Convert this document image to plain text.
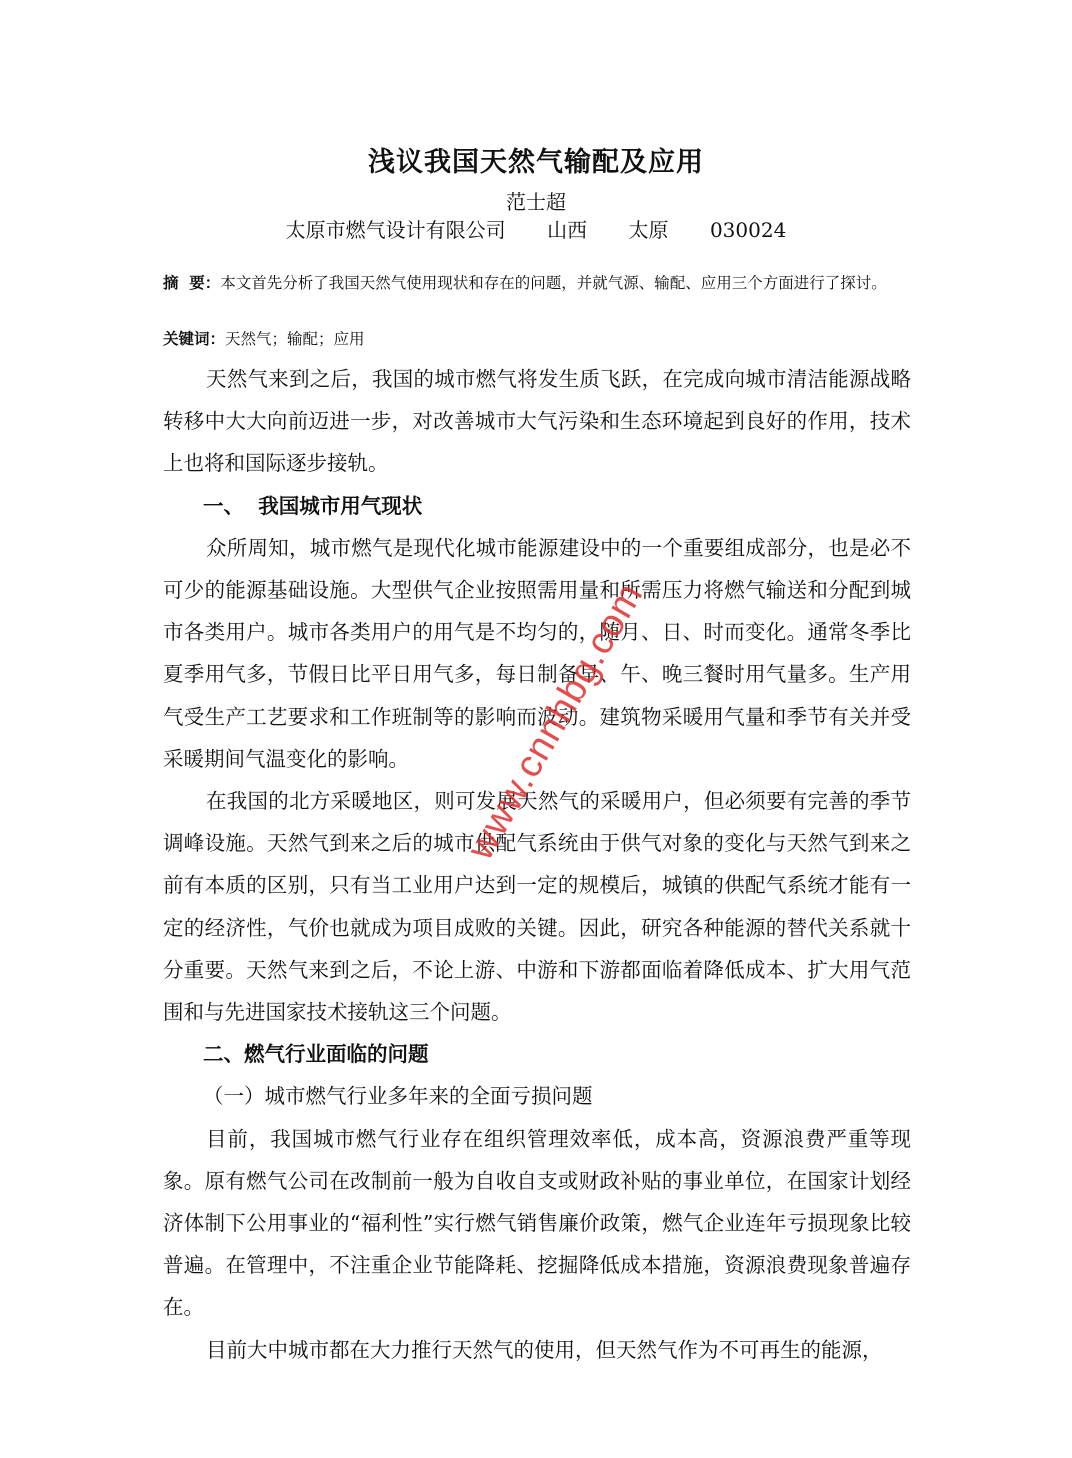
浅议我国天然气输配及应用
范士超
太原市燃气设计有限公司    山西    太原    030024
摘  要：本文首先分析了我国天然气使用现状和存在的问题，并就气源、输配、应用三个方面进行了探讨。
关键词：天然气；输配；应用

天然气来到之后，我国的城市燃气将发生质飞跃，在完成向城市清洁能源战略转移中大大向前迈进一步，对改善城市大气污染和生态环境起到良好的作用，技术上也将和国际逐步接轨。

一、  我国城市用气现状

众所周知，城市燃气是现代化城市能源建设中的一个重要组成部分，也是必不可少的能源基础设施。大型供气企业按照需用量和所需压力将燃气输送和分配到城市各类用户。城市各类用户的用气是不均匀的，随月、日、时而变化。通常冬季比夏季用气多，节假日比平日用气多，每日制备早、午、晚三餐时用气量多。生产用气受生产工艺要求和工作班制等的影响而波动。建筑物采暖用气量和季节有关并受采暖期间气温变化的影响。

在我国的北方采暖地区，则可发展天然气的采暖用户，但必须要有完善的季节调峰设施。天然气到来之后的城市供配气系统由于供气对象的变化与天然气到来之前有本质的区别，只有当工业用户达到一定的规模后，城镇的供配气系统才能有一定的经济性，气价也就成为项目成败的关键。因此，研究各种能源的替代关系就十分重要。天然气来到之后，不论上游、中游和下游都面临着降低成本、扩大用气范围和与先进国家技术接轨这三个问题。

二、燃气行业面临的问题

（一）城市燃气行业多年来的全面亏损问题

目前，我国城市燃气行业存在组织管理效率低，成本高，资源浪费严重等现象。原有燃气公司在改制前一般为自收自支或财政补贴的事业单位，在国家计划经济体制下公用事业的“福利性”实行燃气销售廉价政策，燃气企业连年亏损现象比较普遍。在管理中，不注重企业节能降耗、挖掘降低成本措施，资源浪费现象普遍存在。

目前大中城市都在大力推行天然气的使用，但天然气作为不可再生的能源，

www.cnnhbg.com
